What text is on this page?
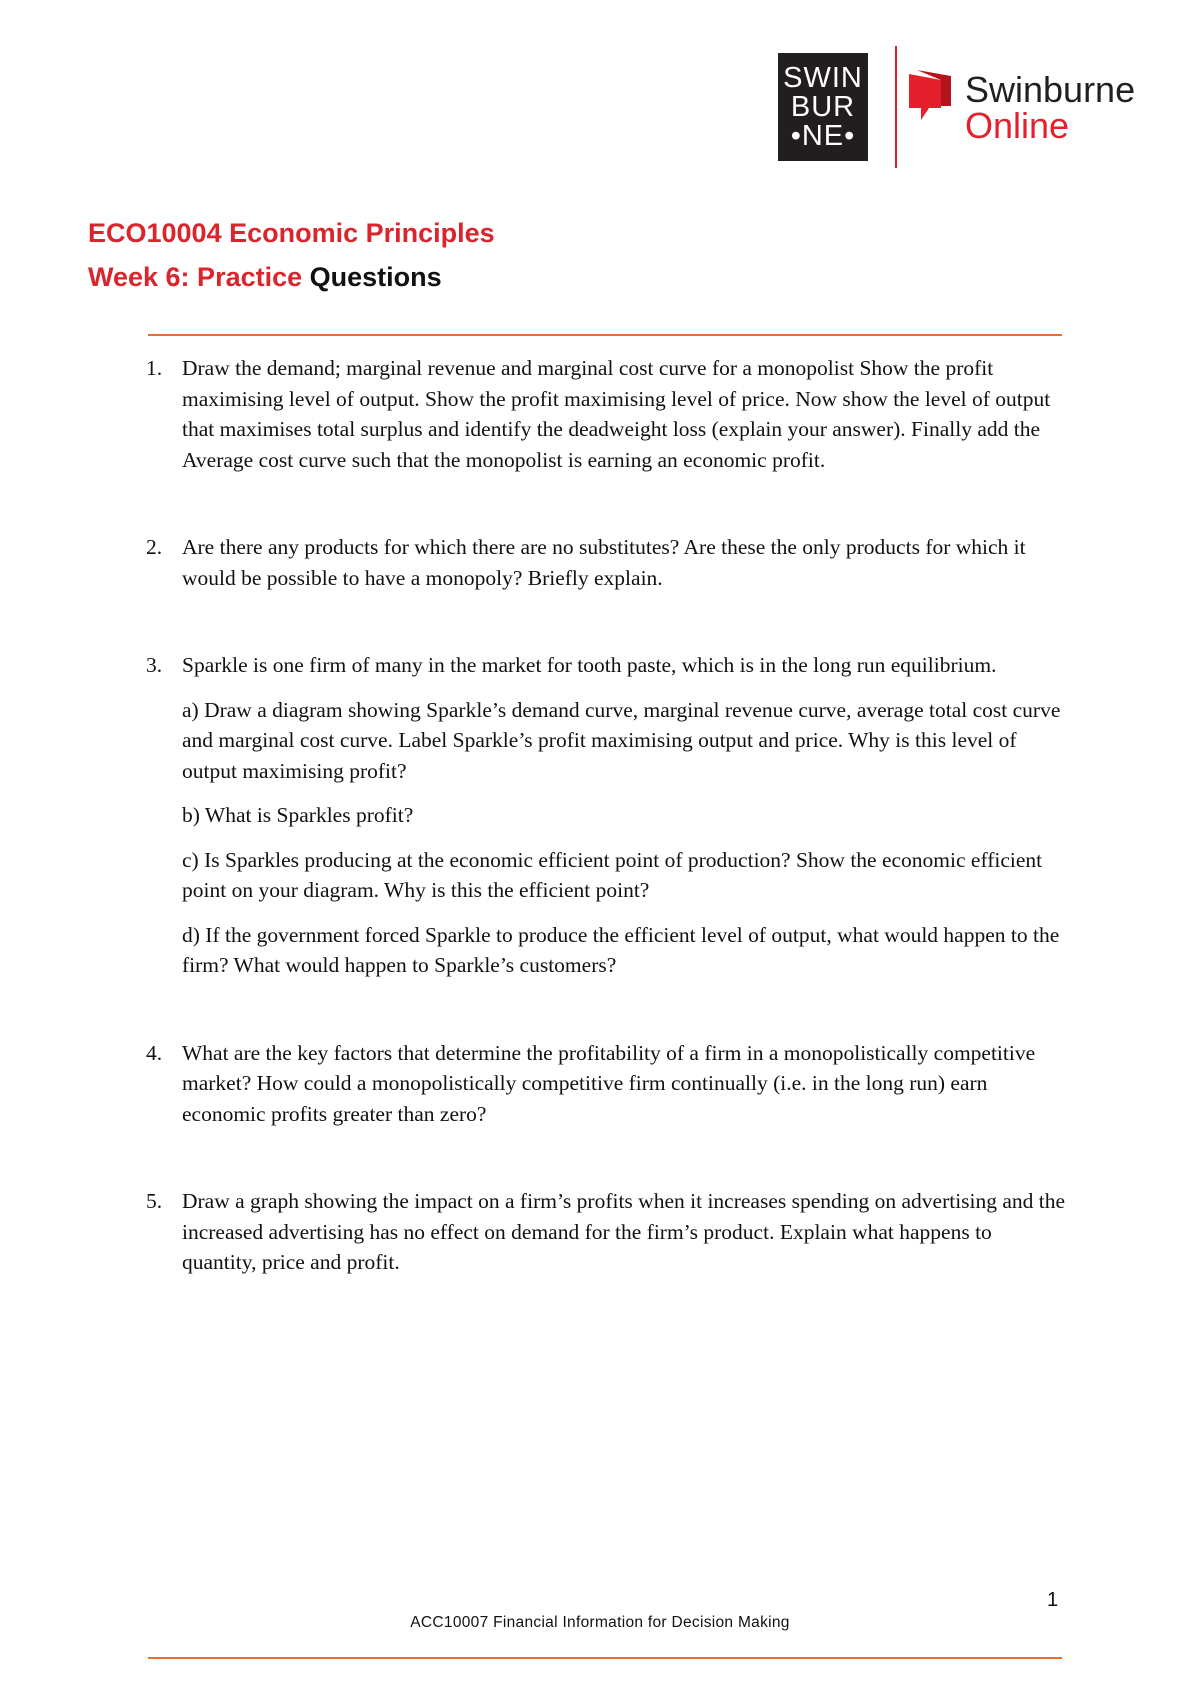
SWIN
BUR
•NE•
Swinburne
Online
ECO10004 Economic Principles
Week 6: Practice Questions
1. Draw the demand; marginal revenue and marginal cost curve for a monopolist Show the profit maximising level of output. Show the profit maximising level of price. Now show the level of output that maximises total surplus and identify the deadweight loss (explain your answer). Finally add the Average cost curve such that the monopolist is earning an economic profit.

2. Are there any products for which there are no substitutes? Are these the only products for which it would be possible to have a monopoly? Briefly explain.

3. Sparkle is one firm of many in the market for tooth paste, which is in the long run equilibrium.

a) Draw a diagram showing Sparkle’s demand curve, marginal revenue curve, average total cost curve and marginal cost curve. Label Sparkle’s profit maximising output and price. Why is this level of output maximising profit?

b) What is Sparkles profit?

c) Is Sparkles producing at the economic efficient point of production? Show the economic efficient point on your diagram. Why is this the efficient point?

d) If the government forced Sparkle to produce the efficient level of output, what would happen to the firm? What would happen to Sparkle’s customers?

4. What are the key factors that determine the profitability of a firm in a monopolistically competitive market? How could a monopolistically competitive firm continually (i.e. in the long run) earn economic profits greater than zero?

5. Draw a graph showing the impact on a firm’s profits when it increases spending on advertising and the increased advertising has no effect on demand for the firm’s product. Explain what happens to quantity, price and profit.

1
ACC10007 Financial Information for Decision Making
